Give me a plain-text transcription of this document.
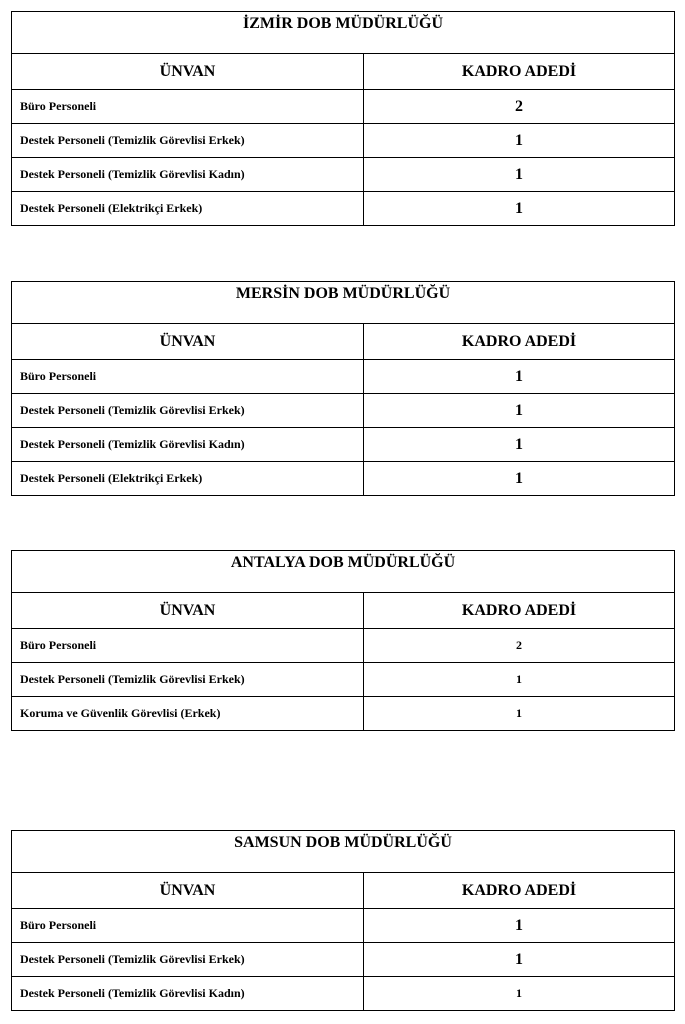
İZMİR DOB MÜDÜRLÜĞÜ	
ÜNVAN	KADRO ADEDİ
Büro Personeli	2
Destek Personeli (Temizlik Görevlisi Erkek)	1
Destek Personeli (Temizlik Görevlisi Kadın)	1
Destek Personeli (Elektrikçi Erkek)	1
MERSİN DOB MÜDÜRLÜĞÜ	
ÜNVAN	KADRO ADEDİ
Büro Personeli	1
Destek Personeli (Temizlik Görevlisi Erkek)	1
Destek Personeli (Temizlik Görevlisi Kadın)	1
Destek Personeli (Elektrikçi Erkek)	1
ANTALYA DOB MÜDÜRLÜĞÜ	
ÜNVAN	KADRO ADEDİ
Büro Personeli	2
Destek Personeli (Temizlik Görevlisi Erkek)	1
Koruma ve Güvenlik Görevlisi (Erkek)	1
SAMSUN DOB MÜDÜRLÜĞÜ	
ÜNVAN	KADRO ADEDİ
Büro Personeli	1
Destek Personeli (Temizlik Görevlisi Erkek)	1
Destek Personeli (Temizlik Görevlisi Kadın)	1
